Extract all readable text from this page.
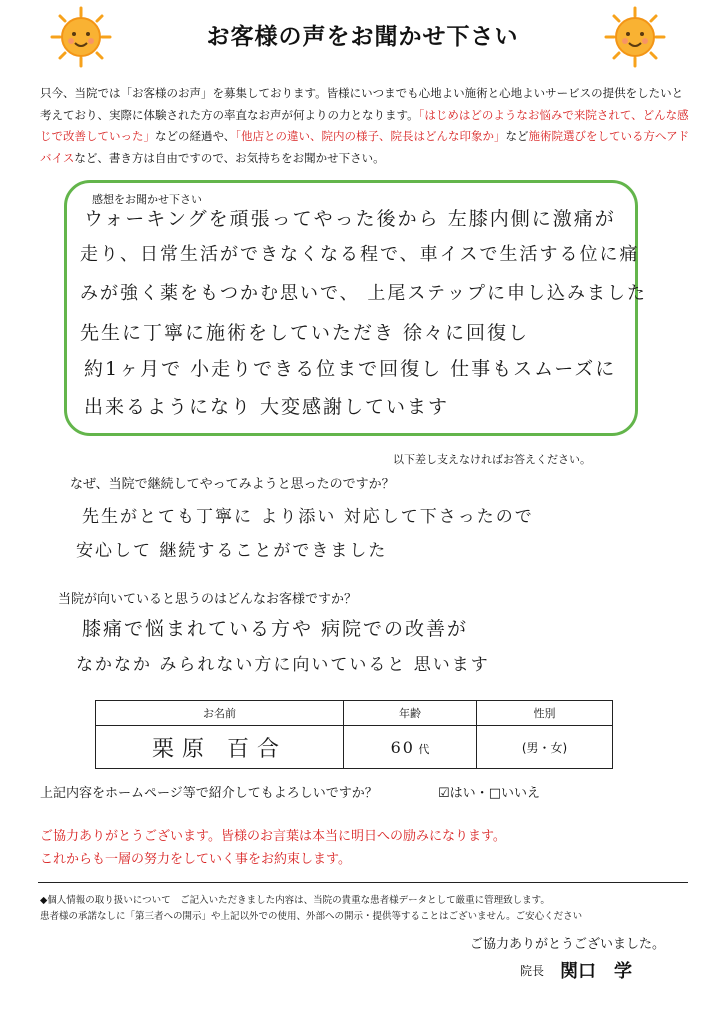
お客様の声をお聞かせ下さい
只今、当院では「お客様のお声」を募集しております。皆様にいつまでも心地よい施術と心地よいサービスの提供をしたいと考えており、実際に体験された方の率直なお声が何よりの力となります。「はじめはどのようなお悩みで来院されて、どんな感じで改善していった」などの経過や、「他店との違い、院内の様子、院長はどんな印象か」など施術院選びをしている方へアドバイスなど、書き方は自由ですので、お気持ちをお聞かせ下さい。
感想をお聞かせ下さい
ウォーキングを頑張ってやった後から 左膝内側に激痛が
走り、日常生活ができなくなる程で、車イスで生活する位に痛
みが強く薬をもつかむ思いで、 上尾ステップに申し込みました
先生に丁寧に施術をしていただき 徐々に回復し
約1ヶ月で 小走りできる位まで回復し 仕事もスムーズに
出来るようになり 大変感謝しています
以下差し支えなければお答えください。
なぜ、当院で継続してやってみようと思ったのですか？
先生がとても丁寧に より添い 対応して下さったので
安心して 継続することができました
当院が向いていると思うのはどんなお客様ですか？
膝痛で悩まれている方や 病院での改善が
なかなか みられない方に向いていると 思います
お名前	年齢	性別
栗原 百合	60 代	(男・女)
上記内容をホームページ等で紹介してもよろしいですか？	☑はい・□いいえ
ご協力ありがとうございます。皆様のお言葉は本当に明日への励みになります。
これからも一層の努力をしていく事をお約束します。
◆個人情報の取り扱いについて　ご記入いただきました内容は、当院の貴重な患者様データとして厳重に管理致します。
患者様の承諾なしに「第三者への開示」や上記以外での使用、外部への開示・提供等することはございません。ご安心ください
ご協力ありがとうございました。
院長 関口　学
